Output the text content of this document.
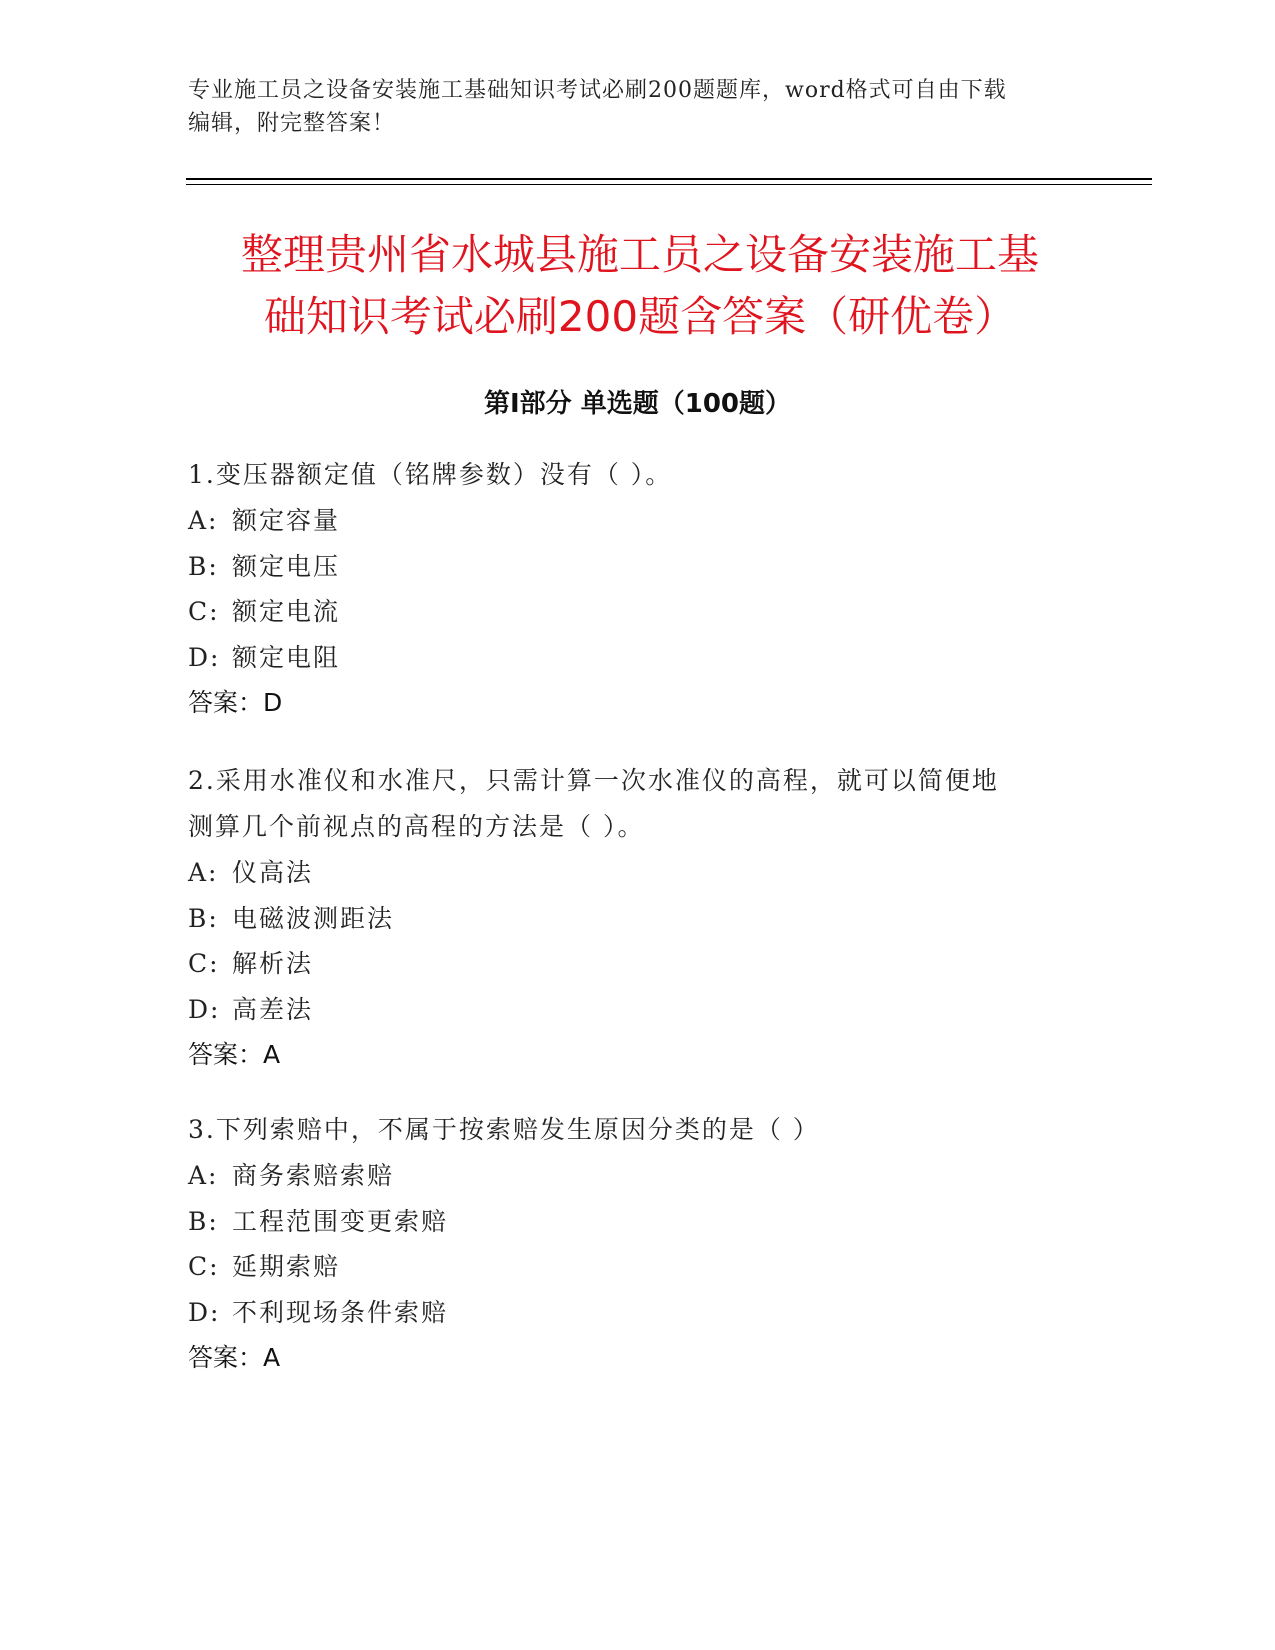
专业施工员之设备安装施工基础知识考试必刷200题题库，word格式可自由下载
编辑，附完整答案！
整理贵州省水城县施工员之设备安装施工基
础知识考试必刷200题含答案（研优卷）
第Ⅰ部分 单选题（100题）

1.变压器额定值（铭牌参数）没有（ ）。

A: 额定容量

B: 额定电压

C: 额定电流

D: 额定电阻

答案：D

2.采用水准仪和水准尺，只需计算一次水准仪的高程，就可以简便地

测算几个前视点的高程的方法是（ ）。

A: 仪高法

B: 电磁波测距法

C: 解析法

D: 高差法

答案：A

3.下列索赔中，不属于按索赔发生原因分类的是（ ）

A: 商务索赔索赔

B: 工程范围变更索赔

C: 延期索赔

D: 不利现场条件索赔

答案：A
